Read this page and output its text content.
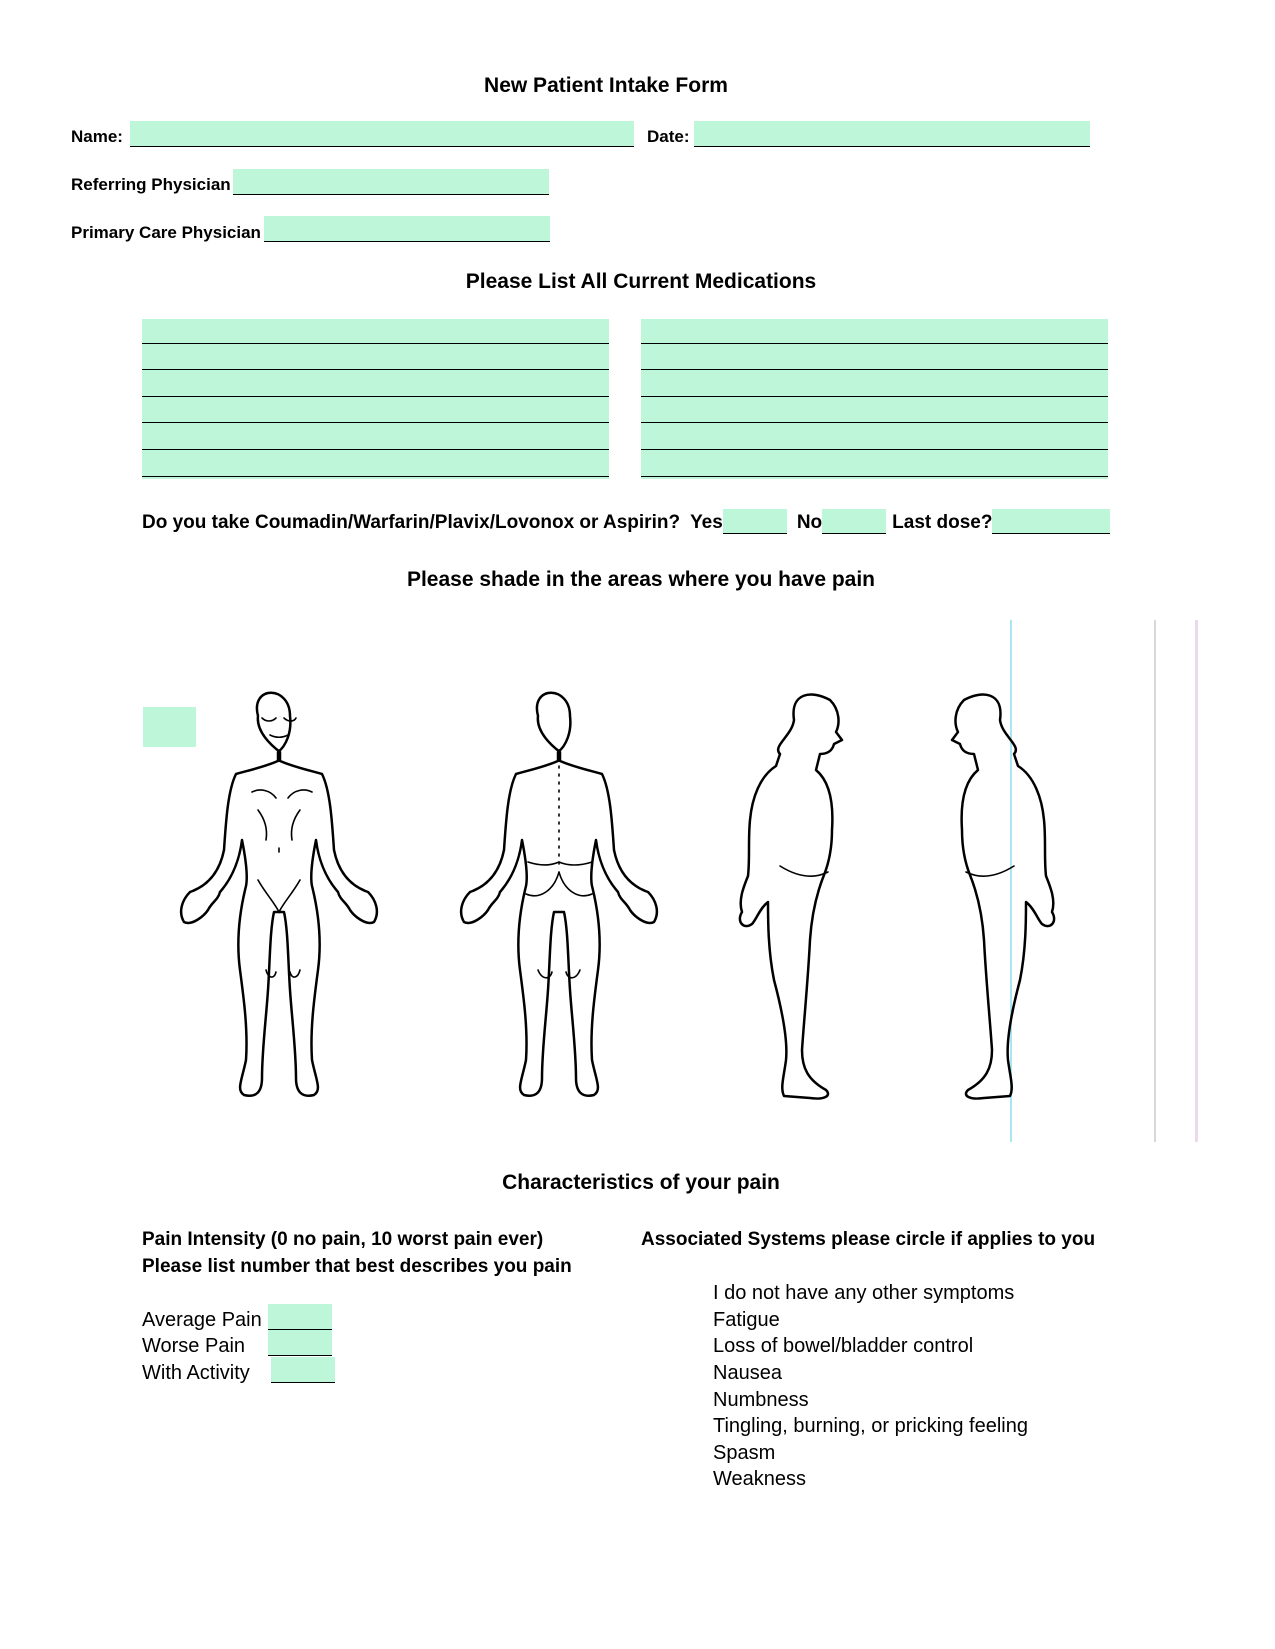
New Patient Intake Form
Name:	Date:
Referring Physician
Primary Care Physician
Please List All Current Medications
Do you take Coumadin/Warfarin/Plavix/Lovonox or Aspirin? Yes	No	Last dose?
Please shade in the areas where you have pain
Characteristics of your pain
Pain Intensity (0 no pain, 10 worst pain ever)
Please list number that best describes you pain
Average Pain
Worse Pain
With Activity
Associated Systems please circle if applies to you
I do not have any other symptoms
Fatigue
Loss of bowel/bladder control
Nausea
Numbness
Tingling, burning, or pricking feeling
Spasm
Weakness
